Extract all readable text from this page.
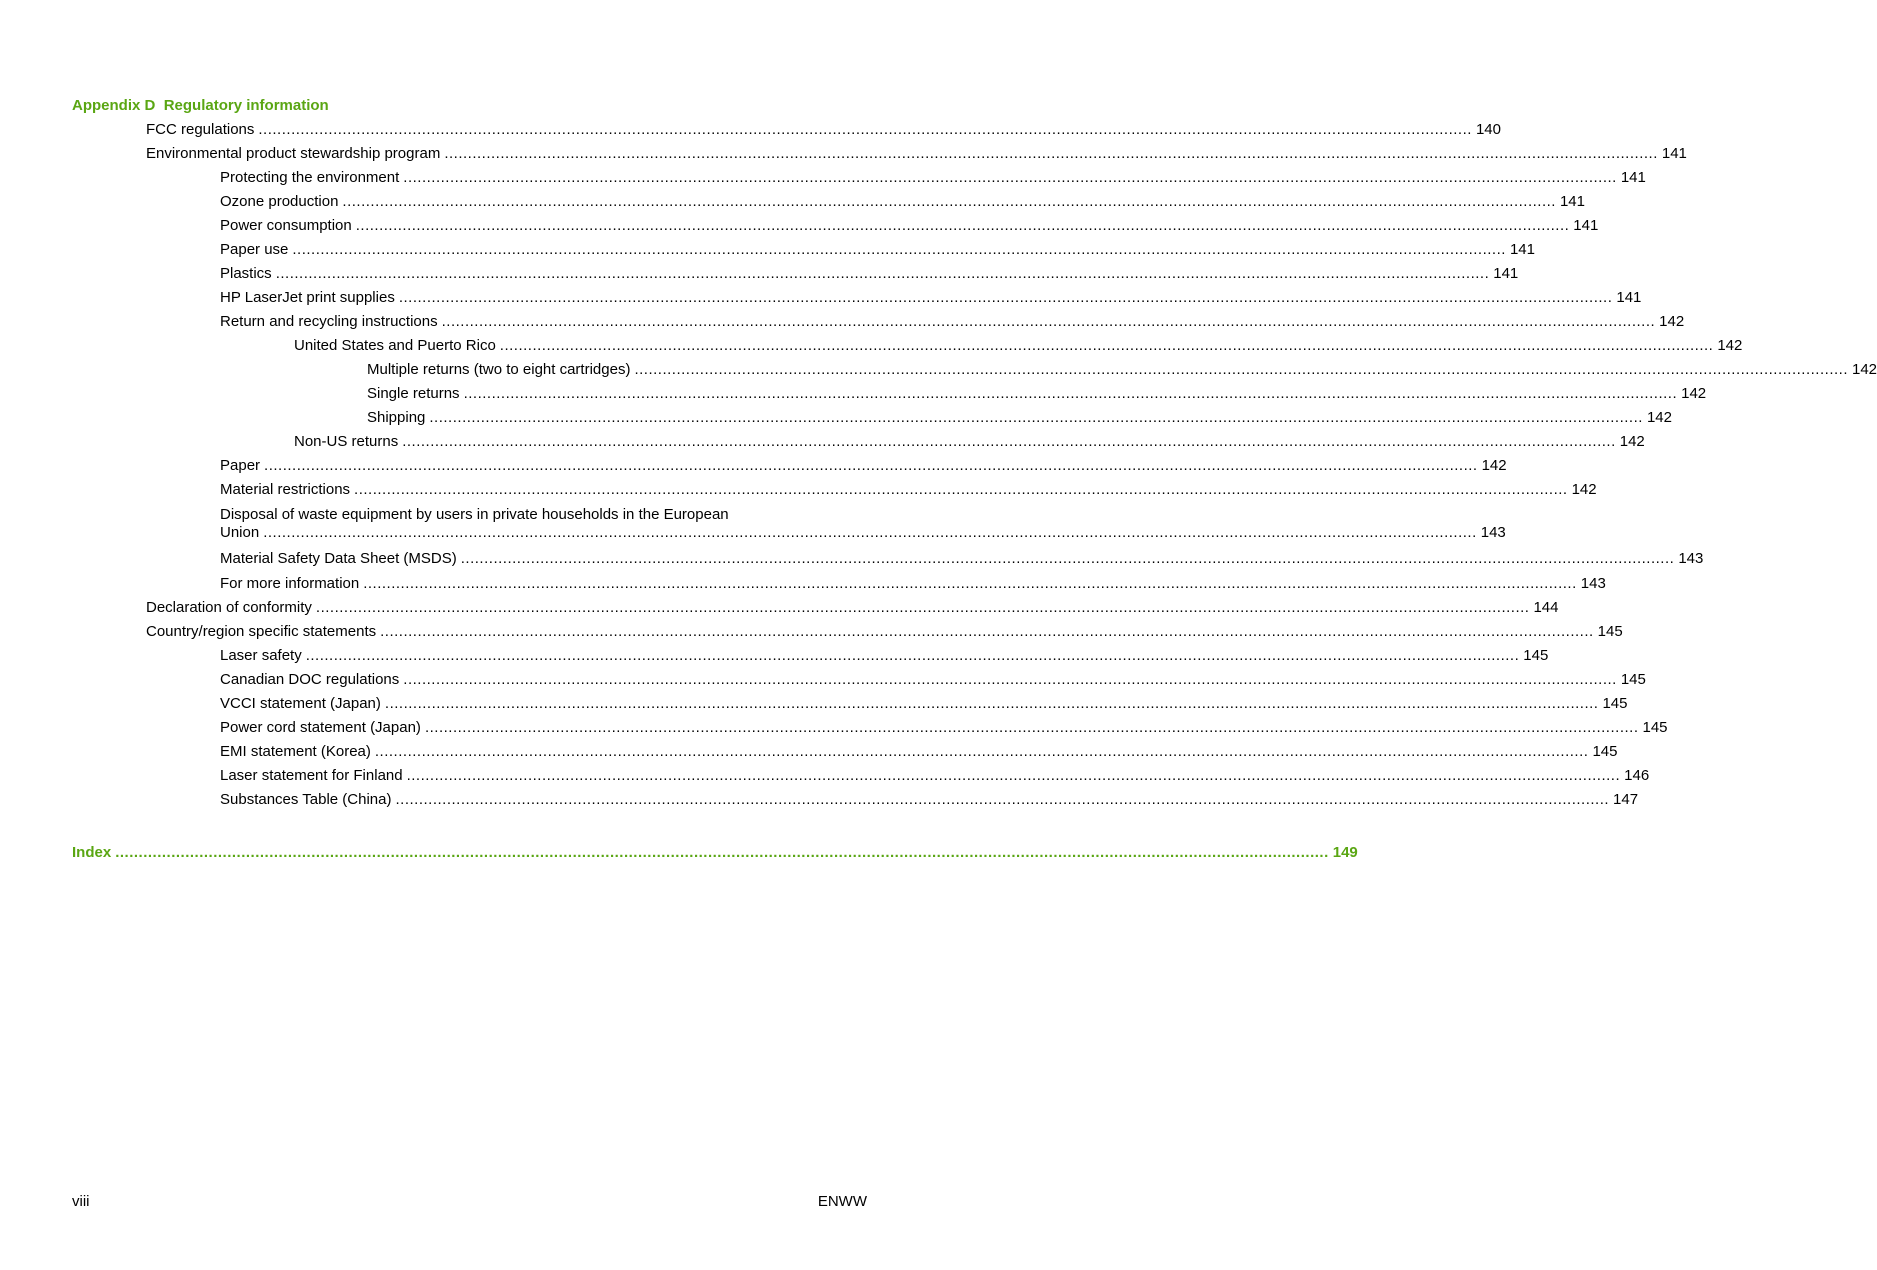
Appendix D Regulatory information
FCC regulations .................................................................................................................................................................................................................................................................... 140
Environmental product stewardship program .................................................................................................................................................................................................................................................................... 141
Protecting the environment .................................................................................................................................................................................................................................................................... 141
Ozone production .................................................................................................................................................................................................................................................................... 141
Power consumption .................................................................................................................................................................................................................................................................... 141
Paper use .................................................................................................................................................................................................................................................................... 141
Plastics .................................................................................................................................................................................................................................................................... 141
HP LaserJet print supplies .................................................................................................................................................................................................................................................................... 141
Return and recycling instructions .................................................................................................................................................................................................................................................................... 142
United States and Puerto Rico .................................................................................................................................................................................................................................................................... 142
Multiple returns (two to eight cartridges) .................................................................................................................................................................................................................................................................... 142
Single returns .................................................................................................................................................................................................................................................................... 142
Shipping .................................................................................................................................................................................................................................................................... 142
Non-US returns .................................................................................................................................................................................................................................................................... 142
Paper .................................................................................................................................................................................................................................................................... 142
Material restrictions .................................................................................................................................................................................................................................................................... 142
Disposal of waste equipment by users in private households in the European
Union .................................................................................................................................................................................................................................................................... 143
Material Safety Data Sheet (MSDS) .................................................................................................................................................................................................................................................................... 143
For more information .................................................................................................................................................................................................................................................................... 143
Declaration of conformity .................................................................................................................................................................................................................................................................... 144
Country/region specific statements .................................................................................................................................................................................................................................................................... 145
Laser safety .................................................................................................................................................................................................................................................................... 145
Canadian DOC regulations .................................................................................................................................................................................................................................................................... 145
VCCI statement (Japan) .................................................................................................................................................................................................................................................................... 145
Power cord statement (Japan) .................................................................................................................................................................................................................................................................... 145
EMI statement (Korea) .................................................................................................................................................................................................................................................................... 145
Laser statement for Finland .................................................................................................................................................................................................................................................................... 146
Substances Table (China) .................................................................................................................................................................................................................................................................... 147
Index .................................................................................................................................................................................................................................................................... 149
viii	ENWW
